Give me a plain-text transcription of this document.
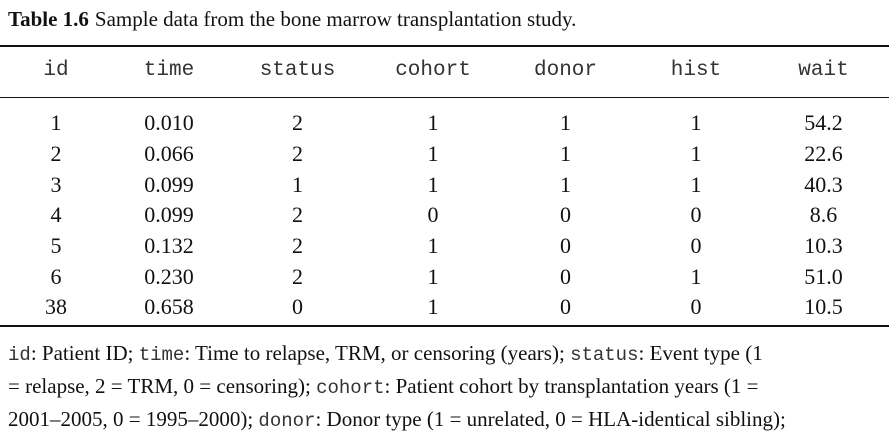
Table 1.6 Sample data from the bone marrow transplantation study.
id	time	status	cohort	donor	hist	wait
1	0.010	2	1	1	1	54.2
2	0.066	2	1	1	1	22.6
3	0.099	1	1	1	1	40.3
4	0.099	2	0	0	0	8.6
5	0.132	2	1	0	0	10.3
6	0.230	2	1	0	1	51.0
38	0.658	0	1	0	0	10.5
id: Patient ID; time: Time to relapse, TRM, or censoring (years); status: Event type (1
= relapse, 2 = TRM, 0 = censoring); cohort: Patient cohort by transplantation years (1 =
2001–2005, 0 = 1995–2000); donor: Donor type (1 = unrelated, 0 = HLA-identical sibling);
